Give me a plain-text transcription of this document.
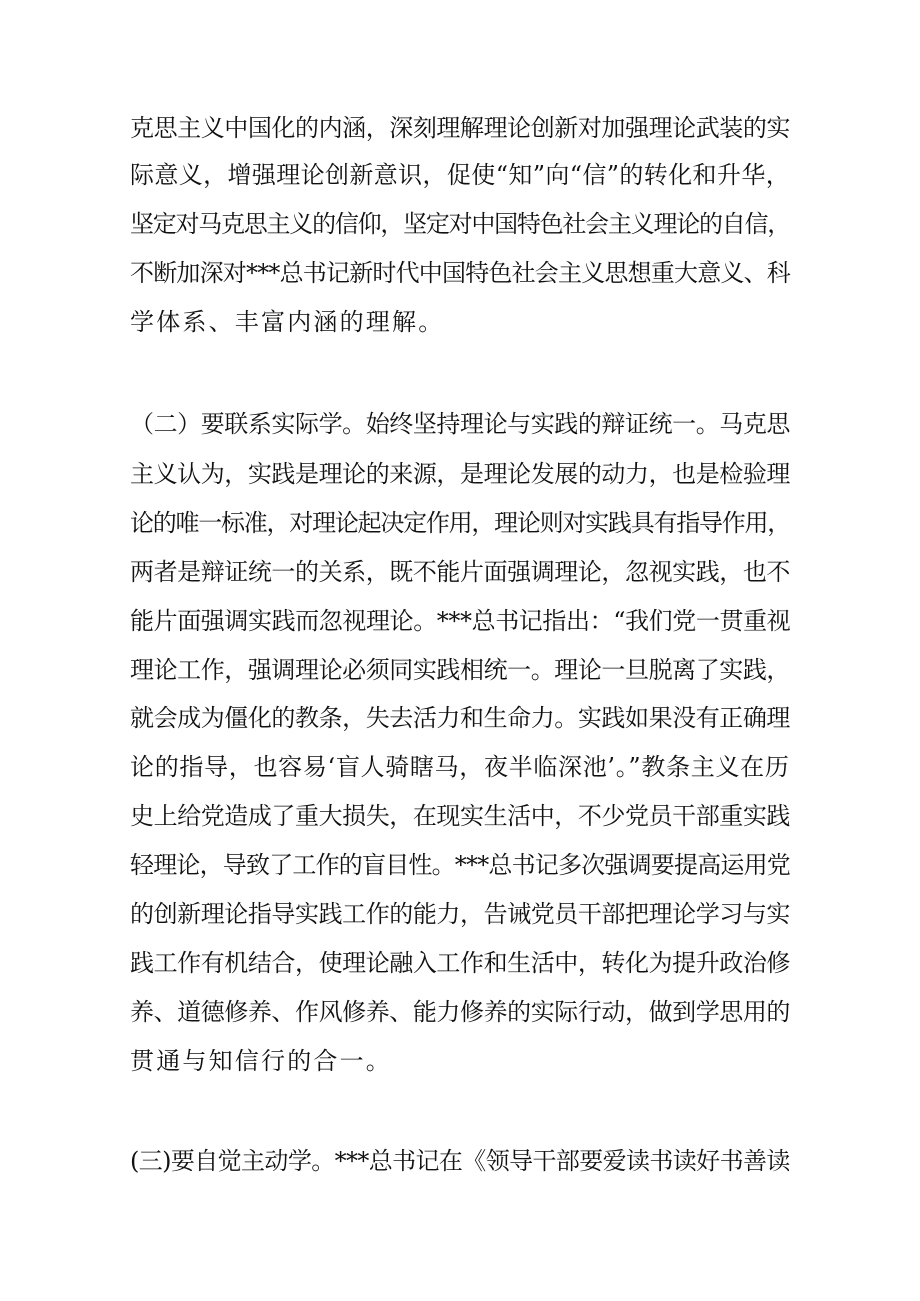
克思主义中国化的内涵，深刻理解理论创新对加强理论武装的实
际意义，增强理论创新意识，促使“知”向“信”的转化和升华，
坚定对马克思主义的信仰，坚定对中国特色社会主义理论的自信，
不断加深对***总书记新时代中国特色社会主义思想重大意义、科
学体系、丰富内涵的理解。
（二）要联系实际学。始终坚持理论与实践的辩证统一。马克思
主义认为，实践是理论的来源，是理论发展的动力，也是检验理
论的唯一标准，对理论起决定作用，理论则对实践具有指导作用，
两者是辩证统一的关系，既不能片面强调理论，忽视实践，也不
能片面强调实践而忽视理论。***总书记指出：“我们党一贯重视
理论工作，强调理论必须同实践相统一。理论一旦脱离了实践，
就会成为僵化的教条，失去活力和生命力。实践如果没有正确理
论的指导，也容易‘盲人骑瞎马，夜半临深池’。”教条主义在历
史上给党造成了重大损失，在现实生活中，不少党员干部重实践
轻理论，导致了工作的盲目性。***总书记多次强调要提高运用党
的创新理论指导实践工作的能力，告诫党员干部把理论学习与实
践工作有机结合，使理论融入工作和生活中，转化为提升政治修
养、道德修养、作风修养、能力修养的实际行动，做到学思用的
贯通与知信行的合一。
(三)要自觉主动学。***总书记在《领导干部要爱读书读好书善读
